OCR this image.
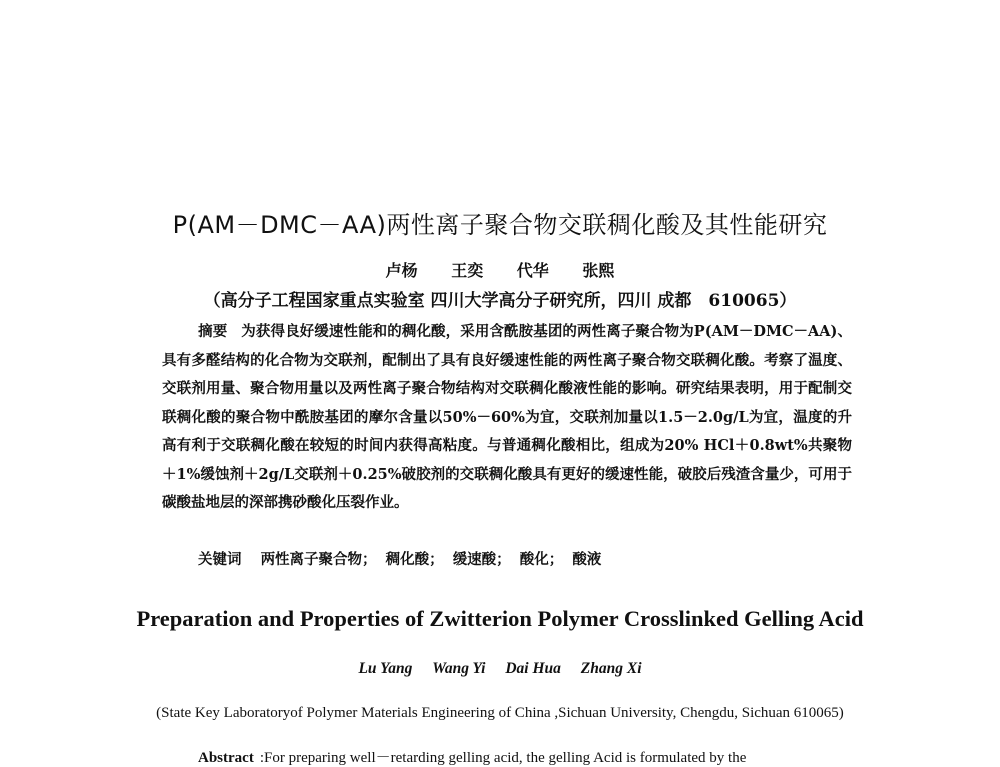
P(AM－DMC－AA)两性离子聚合物交联稠化酸及其性能研究
卢杨 王奕 代华 张熙
（高分子工程国家重点实验室 四川大学高分子研究所，四川 成都　610065）
摘要 为获得良好缓速性能和的稠化酸，采用含酰胺基团的两性离子聚合物为P(AM－DMC－AA)、具有多醛结构的化合物为交联剂，配制出了具有良好缓速性能的两性离子聚合物交联稠化酸。考察了温度、交联剂用量、聚合物用量以及两性离子聚合物结构对交联稠化酸液性能的影响。研究结果表明，用于配制交联稠化酸的聚合物中酰胺基团的摩尔含量以50%－60%为宜，交联剂加量以1.5－2.0g/L为宜，温度的升高有利于交联稠化酸在较短的时间内获得高粘度。与普通稠化酸相比，组成为20% HCl＋0.8wt%共聚物＋1%缓蚀剂＋2g/L交联剂＋0.25%破胶剂的交联稠化酸具有更好的缓速性能，破胶后残渣含量少，可用于碳酸盐地层的深部携砂酸化压裂作业。
关键词 两性离子聚合物； 稠化酸； 缓速酸； 酸化； 酸液
Preparation and Properties of Zwitterion Polymer Crosslinked Gelling Acid
Lu Yang Wang Yi Dai Hua Zhang Xi
(State Key Laboratoryof Polymer Materials Engineering of China ,Sichuan University, Chengdu, Sichuan 610065)
Abstract :For preparing well－retarding gelling acid, the gelling Acid is formulated by the
